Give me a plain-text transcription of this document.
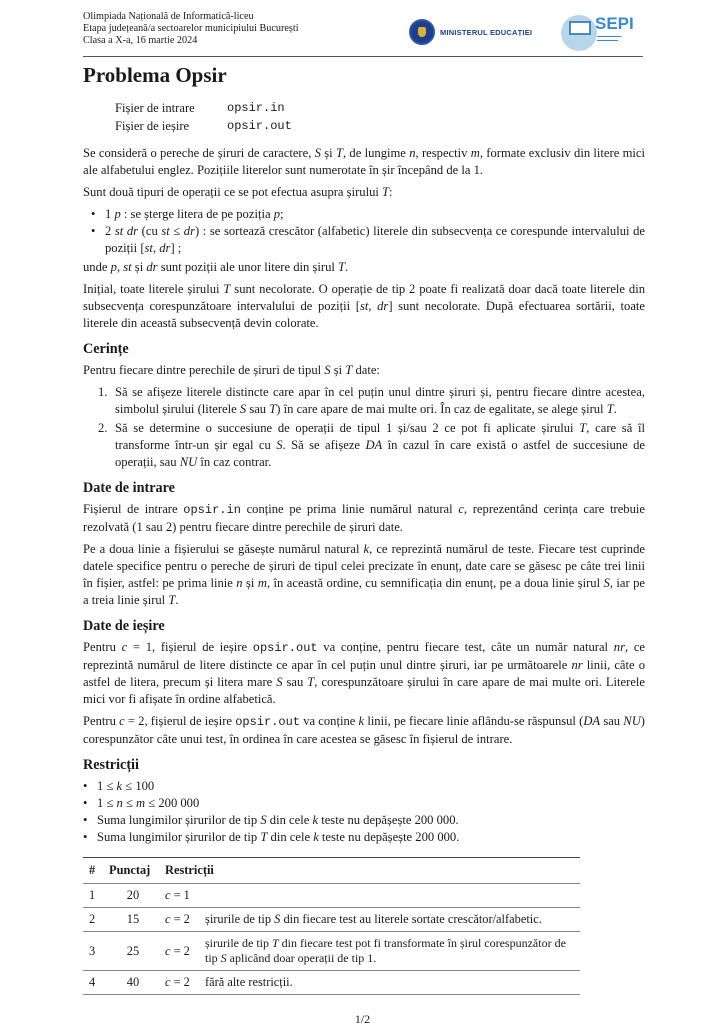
Olimpiada Națională de Informatică-liceu
Etapa județeană/a sectoarelor municipiului București
Clasa a X-a, 16 martie 2024
MINISTERUL EDUCAȚIEI	SEPI
▬▬▬▬▬▬▬
▬▬▬▬▬▬
Problema Opsir
Fișier de intrare	opsir.in
Fișier de ieșire	opsir.out

Se consideră o pereche de șiruri de caractere, S și T, de lungime n, respectiv m, formate exclusiv din litere mici ale alfabetului englez. Pozițiile literelor sunt numerotate în șir începând de la 1.

Sunt două tipuri de operații ce se pot efectua asupra șirului T:

• 1 p : se șterge litera de pe poziția p;
• 2 st dr (cu st ≤ dr) : se sortează crescător (alfabetic) literele din subsecvența ce corespunde intervalului de poziții [st, dr] ;

unde p, st și dr sunt poziții ale unor litere din șirul T.

Inițial, toate literele șirului T sunt necolorate. O operație de tip 2 poate fi realizată doar dacă toate literele din subsecvența corespunzătoare intervalului de poziții [st, dr] sunt necolorate. După efectuarea sortării, toate literele din această subsecvență devin colorate.

Cerințe

Pentru fiecare dintre perechile de șiruri de tipul S și T date:

1. Să se afișeze literele distincte care apar în cel puțin unul dintre șiruri și, pentru fiecare dintre acestea, simbolul șirului (literele S sau T) în care apare de mai multe ori. În caz de egalitate, se alege șirul T.
2. Să se determine o succesiune de operații de tipul 1 și/sau 2 ce pot fi aplicate șirului T, care să îl transforme într-un șir egal cu S. Să se afișeze DA în cazul în care există o astfel de succesiune de operații, sau NU în caz contrar.
Date de intrare

Fișierul de intrare opsir.in conține pe prima linie numărul natural c, reprezentând cerința care trebuie rezolvată (1 sau 2) pentru fiecare dintre perechile de șiruri date.

Pe a doua linie a fișierului se găsește numărul natural k, ce reprezintă numărul de teste. Fiecare test cuprinde datele specifice pentru o pereche de șiruri de tipul celei precizate în enunț, date care se găsesc pe câte trei linii în fișier, astfel: pe prima linie n și m, în această ordine, cu semnificația din enunț, pe a doua linie șirul S, iar pe a treia linie șirul T.

Date de ieșire

Pentru c = 1, fișierul de ieșire opsir.out va conține, pentru fiecare test, câte un număr natural nr, ce reprezintă numărul de litere distincte ce apar în cel puțin unul dintre șiruri, iar pe următoarele nr linii, câte o astfel de litera, precum și litera mare S sau T, corespunzătoare șirului în care apare de mai multe ori. Literele mici vor fi afișate în ordine alfabetică.

Pentru c = 2, fișierul de ieșire opsir.out va conține k linii, pe fiecare linie aflându-se răspunsul (DA sau NU) corespunzător câte unui test, în ordinea în care acestea se găsesc în fișierul de intrare.

Restricții
• 1 ≤ k ≤ 100
• 1 ≤ n ≤ m ≤ 200 000
• Suma lungimilor șirurilor de tip S din cele k teste nu depășește 200 000.
• Suma lungimilor șirurilor de tip T din cele k teste nu depășește 200 000.
#	Punctaj	Restricții	
1	20	c = 1	
2	15	c = 2	șirurile de tip S din fiecare test au literele sortate crescător/alfabetic.
3	25	c = 2	șirurile de tip T din fiecare test pot fi transformate în șirul corespunzător de tip S aplicând doar operații de tip 1.
4	40	c = 2	fără alte restricții.
1/2
